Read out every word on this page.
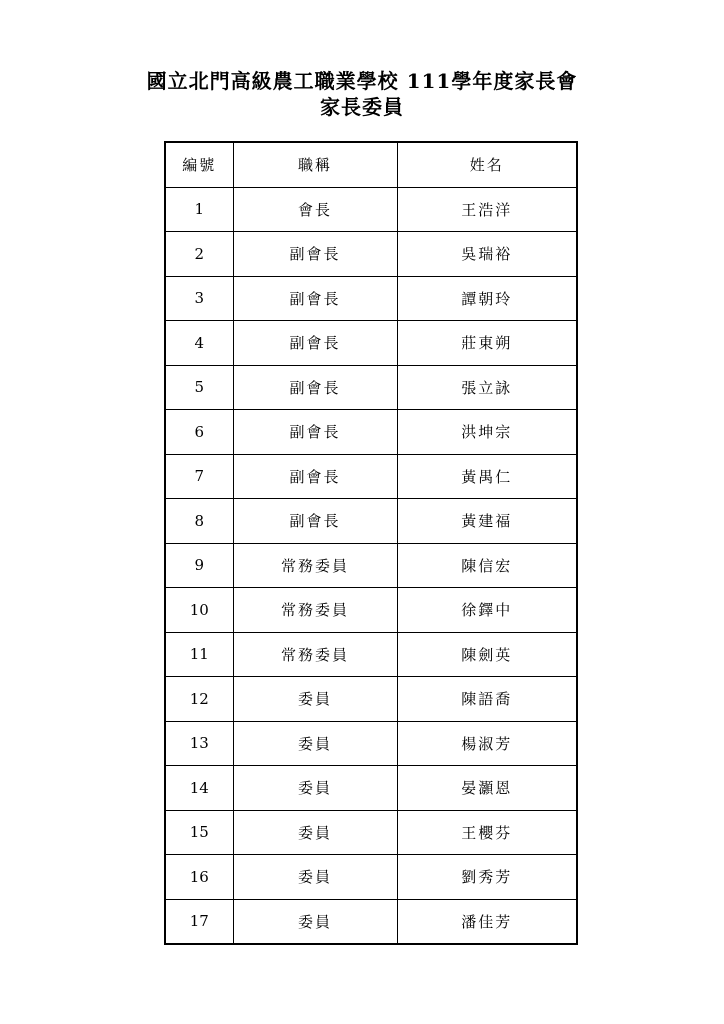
國立北門高級農工職業學校 111學年度家長會
家長委員
編號	職稱	姓名
1	會長	王浩洋
2	副會長	吳瑞裕
3	副會長	譚朝玲
4	副會長	莊東朔
5	副會長	張立詠
6	副會長	洪坤宗
7	副會長	黃禺仁
8	副會長	黃建福
9	常務委員	陳信宏
10	常務委員	徐鐸中
11	常務委員	陳劍英
12	委員	陳語喬
13	委員	楊淑芳
14	委員	晏灝恩
15	委員	王櫻芬
16	委員	劉秀芳
17	委員	潘佳芳
